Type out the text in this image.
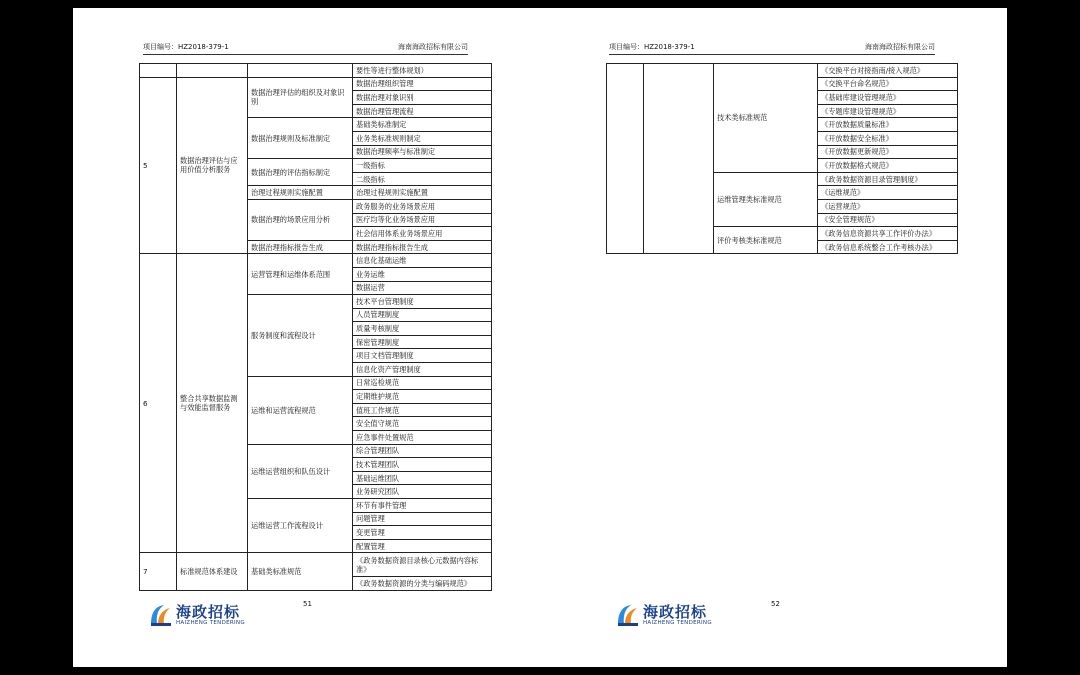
项目编号：HZ2018-379-1	海南海政招标有限公司
			要性等进行整体规划）
5	数据治理评估与应用价值分析服务	数据治理评估的组织及对象识别	数据治理组织管理
			数据治理对象识别
			数据治理管理流程
		数据治理规则及标准制定	基础类标准制定
			业务类标准规则制定
			数据治理频率与标准制定
		数据治理的评估指标制定	一级指标
			二级指标
		治理过程规则实施配置	治理过程规则实施配置
		数据治理的场景应用分析	政务服务的业务场景应用
			医疗均等化业务场景应用
			社会信用体系业务场景应用
		数据治理指标报告生成	数据治理指标报告生成
6	整合共享数据监测与效能监督服务	运营管理和运维体系范围	信息化基础运维
			业务运维
			数据运营
		服务制度和流程设计	技术平台管理制度
			人员管理制度
			质量考核制度
			保密管理制度
			项目文档管理制度
			信息化资产管理制度
		运维和运营流程规范	日常巡检规范
			定期维护规范
			值班工作规范
			安全值守规范
			应急事件处置规范
		运维运营组织和队伍设计	综合管理团队
			技术管理团队
			基础运维团队
			业务研究团队
		运维运营工作流程设计	环节有事件管理
			问题管理
			变更管理
			配置管理
7	标准规范体系建设	基础类标准规范	《政务数据资源目录核心元数据内容标准》
			《政务数据资源的分类与编码规范》
51
海政招标
HAIZHENG TENDERING
项目编号：HZ2018-379-1	海南海政招标有限公司
		技术类标准规范	《交换平台对接指南/接入规范》
			《交换平台命名规范》
			《基础库建设管理规范》
			《专题库建设管理规范》
			《开放数据质量标准》
			《开放数据安全标准》
			《开放数据更新规范》
			《开放数据格式规范》
		运维管理类标准规范	《政务数据资源目录管理制度》
			《运维规范》
			《运营规范》
			《安全管理规范》
		评价考核类标准规范	《政务信息资源共享工作评价办法》
			《政务信息系统整合工作考核办法》
52
海政招标
HAIZHENG TENDERING
